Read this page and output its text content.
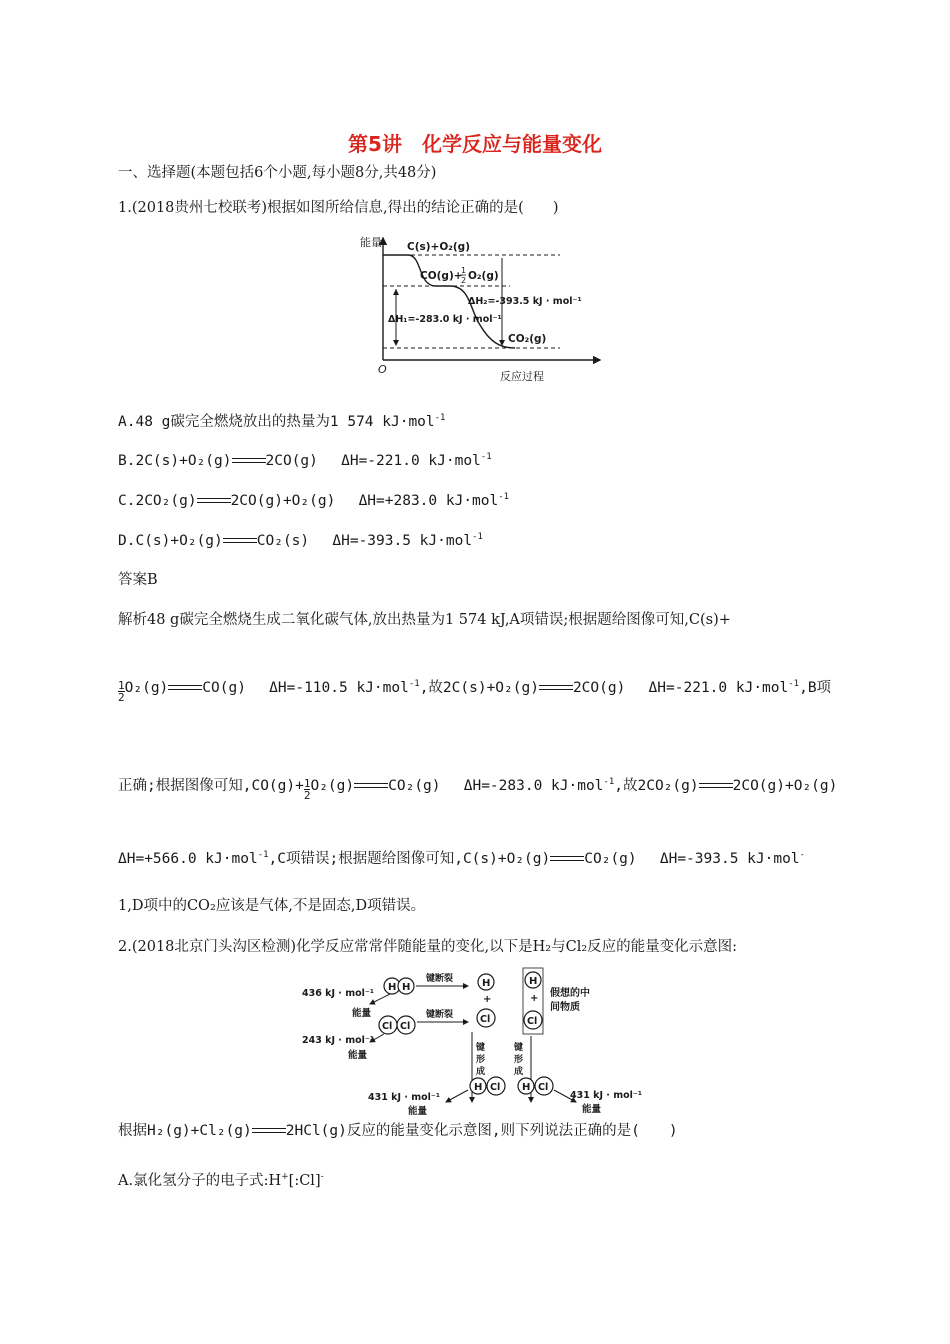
第5讲　化学反应与能量变化
一、选择题(本题包括6个小题,每小题8分,共48分)
1.(2018贵州七校联考)根据如图所给信息,得出的结论正确的是(　　)
能量
O
反应过程
C(s)+O₂(g)
CO(g)+
1
2 O₂(g)
CO₂(g)
ΔH₁=-283.0 kJ · mol⁻¹
ΔH₂=-393.5 kJ · mol⁻¹
A.48 g碳完全燃烧放出的热量为1 574 kJ·mol$^{-1}$
B.2C(s)+O₂(g) 2CO(g)　 ΔH=-221.0 kJ·mol$^{-1}$
C.2CO₂(g) 2CO(g)+O₂(g)　 ΔH=+283.0 kJ·mol$^{-1}$
D.C(s)+O₂(g) CO₂(s)　 ΔH=-393.5 kJ·mol$^{-1}$
答案B
解析48 g碳完全燃烧生成二氧化碳气体,放出热量为1 574 kJ,A项错误;根据题给图像可知,C(s)+
$\frac{1}{2} O_2(g)$ CO(g)　 ΔH=-110.5 kJ·mol$^{-1}$,故2C(s)+O₂(g) 2CO(g)　 ΔH=-221.0 kJ·mol$^{-1}$,B项
正确;根据图像可知$,CO(g)+ \frac{1}{2} O_2(g)$ CO₂(g)　 ΔH=-283.0 kJ·mol$^{-1}$,故2CO₂(g) 2CO(g)+O₂(g)
ΔH=+566.0 kJ·mol$^{-1}$,C项错误;根据题给图像可知,C(s)+O₂(g) CO₂(g)　 ΔH=-393.5 kJ·mol-
1,D项中的CO₂应该是气体,不是固态,D项错误。
2.(2018北京门头沟区检测)化学反应常常伴随能量的变化,以下是H₂与Cl₂反应的能量变化示意图:
H H
436 kJ · mol⁻¹
能量
键断裂	H
+
Cl Cl
243 kJ · mol⁻¹
能量
键断裂	Cl
键
形
成
H
+
Cl
假想的中
间物质
键
形
成
H Cl H Cl
431 kJ · mol⁻¹
能量
431 kJ · mol⁻¹
能量
根据H₂(g)+Cl₂(g) 2HCl(g)反应的能量变化示意图,则下列说法正确的是(　　)
A.氯化氢分子的电子式:H+[:Cl]-
